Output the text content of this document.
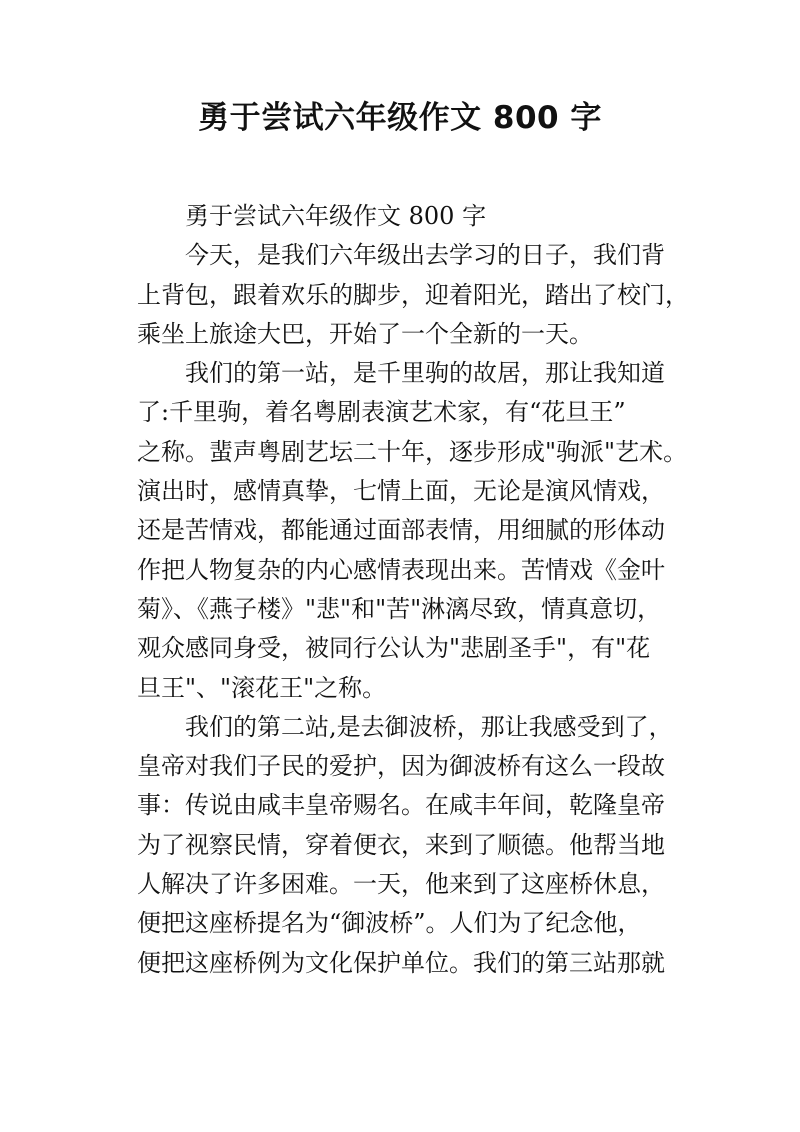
勇于尝试六年级作文 800 字
勇于尝试六年级作文 800 字
今天，是我们六年级出去学习的日子，我们背
上背包，跟着欢乐的脚步，迎着阳光，踏出了校门，
乘坐上旅途大巴，开始了一个全新的一天。
我们的第一站，是千里驹的故居，那让我知道
了:千里驹，着名粤剧表演艺术家，有“花旦王”
之称。蜚声粤剧艺坛二十年，逐步形成"驹派"艺术。
演出时，感情真挚，七情上面，无论是演风情戏，
还是苦情戏，都能通过面部表情，用细腻的形体动
作把人物复杂的内心感情表现出来。苦情戏《金叶
菊》、《燕子楼》"悲"和"苦"淋漓尽致，情真意切，
观众感同身受，被同行公认为"悲剧圣手"，有"花
旦王"、"滚花王"之称。
我们的第二站,是去御波桥，那让我感受到了，
皇帝对我们子民的爱护，因为御波桥有这么一段故
事：传说由咸丰皇帝赐名。在咸丰年间，乾隆皇帝
为了视察民情，穿着便衣，来到了顺德。他帮当地
人解决了许多困难。一天，他来到了这座桥休息，
便把这座桥提名为“御波桥”。人们为了纪念他，
便把这座桥例为文化保护单位。我们的第三站那就
